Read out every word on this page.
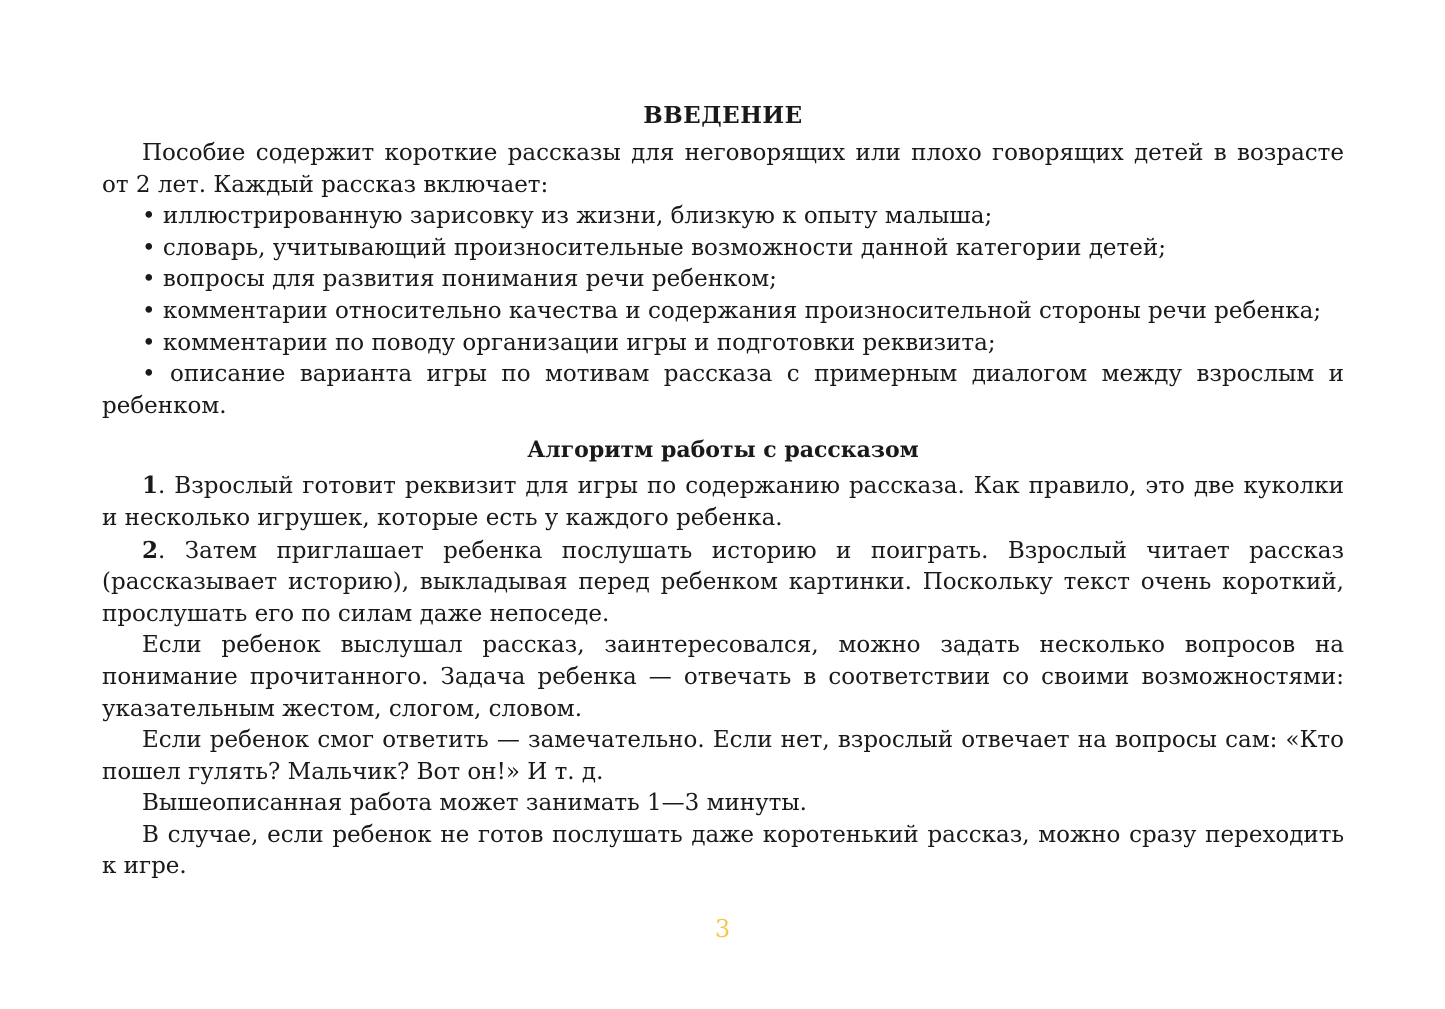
ВВЕДЕНИЕ

Пособие содержит короткие рассказы для неговорящих или плохо говорящих детей в возрасте от 2 лет. Каждый рассказ включает:

• иллюстрированную зарисовку из жизни, близкую к опыту малыша;

• словарь, учитывающий произносительные возможности данной категории детей;

• вопросы для развития понимания речи ребенком;

• комментарии относительно качества и содержания произносительной стороны речи ребенка;

• комментарии по поводу организации игры и подготовки реквизита;

• описание варианта игры по мотивам рассказа с примерным диалогом между взрослым и ребенком.

Алгоритм работы с рассказом

1. Взрослый готовит реквизит для игры по содержанию рассказа. Как правило, это две куколки и несколько игрушек, которые есть у каждого ребенка.

2. Затем приглашает ребенка послушать историю и поиграть. Взрослый читает рассказ (рассказывает историю), выкладывая перед ребенком картинки. Поскольку текст очень короткий, прослушать его по силам даже непоседе.

Если ребенок выслушал рассказ, заинтересовался, можно задать несколько вопросов на понимание прочитанного. Задача ребенка — отвечать в соответствии со своими возможностями: указательным жестом, слогом, словом.

Если ребенок смог ответить — замечательно. Если нет, взрослый отвечает на вопросы сам: «Кто пошел гулять? Мальчик? Вот он!» И т. д.

Вышеописанная работа может занимать 1—3 минуты.

В случае, если ребенок не готов послушать даже коротенький рассказ, можно сразу переходить к игре.

3
